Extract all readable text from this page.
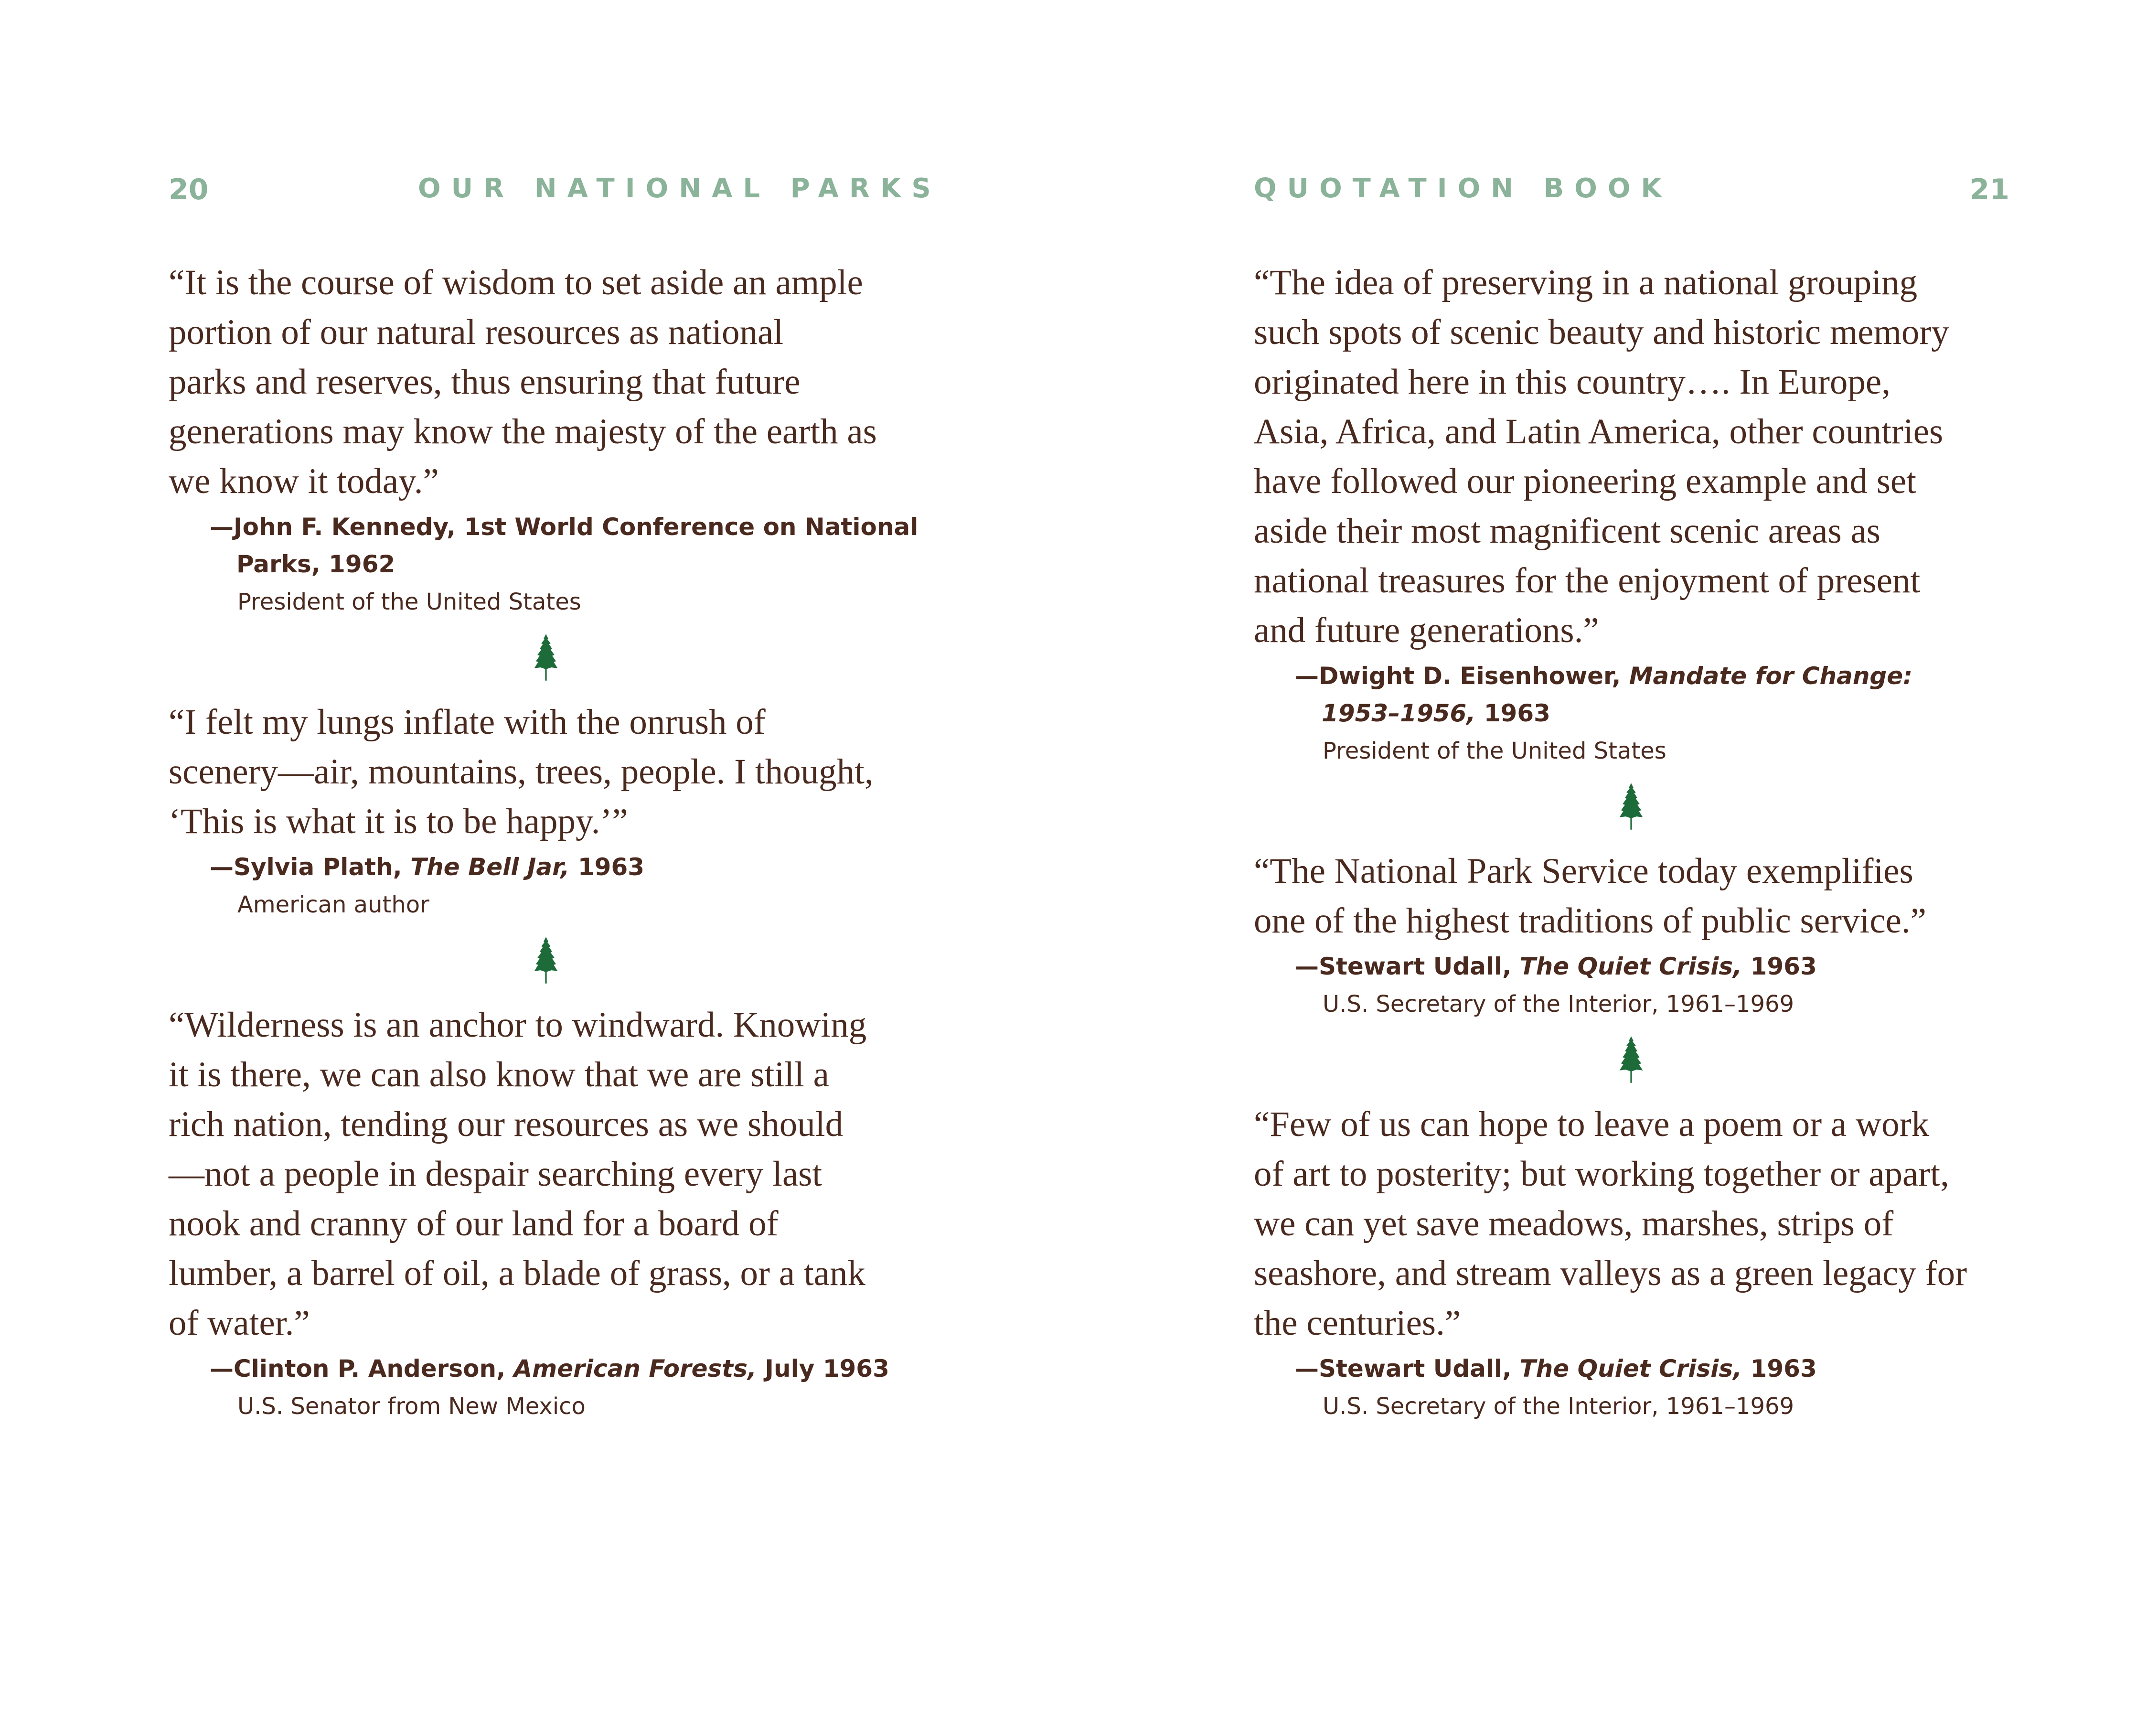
20	OUR NATIONAL PARKS

“It is the course of wisdom to set aside an ample
portion of our natural resources as national
parks and reserves, thus ensuring that future
generations may know the majesty of the earth as
we know it today.”

—John F. Kennedy, 1st World Conference on National
Parks, 1962
President of the United States

“I felt my lungs inflate with the onrush of
scenery—air, mountains, trees, people. I thought,
‘This is what it is to be happy.’”

—Sylvia Plath, The Bell Jar, 1963
American author

“Wilderness is an anchor to windward. Knowing
it is there, we can also know that we are still a
rich nation, tending our resources as we should
—not a people in despair searching every last
nook and cranny of our land for a board of
lumber, a barrel of oil, a blade of grass, or a tank
of water.”

—Clinton P. Anderson, American Forests, July 1963
U.S. Senator from New Mexico
QUOTATION BOOK	21

“The idea of preserving in a national grouping
such spots of scenic beauty and historic memory
originated here in this country…. In Europe,
Asia, Africa, and Latin America, other countries
have followed our pioneering example and set
aside their most magnificent scenic areas as
national treasures for the enjoyment of present
and future generations.”

—Dwight D. Eisenhower, Mandate for Change:
1953–1956, 1963
President of the United States

“The National Park Service today exemplifies
one of the highest traditions of public service.”

—Stewart Udall, The Quiet Crisis, 1963
U.S. Secretary of the Interior, 1961–1969

“Few of us can hope to leave a poem or a work
of art to posterity; but working together or apart,
we can yet save meadows, marshes, strips of
seashore, and stream valleys as a green legacy for
the centuries.”

—Stewart Udall, The Quiet Crisis, 1963
U.S. Secretary of the Interior, 1961–1969
